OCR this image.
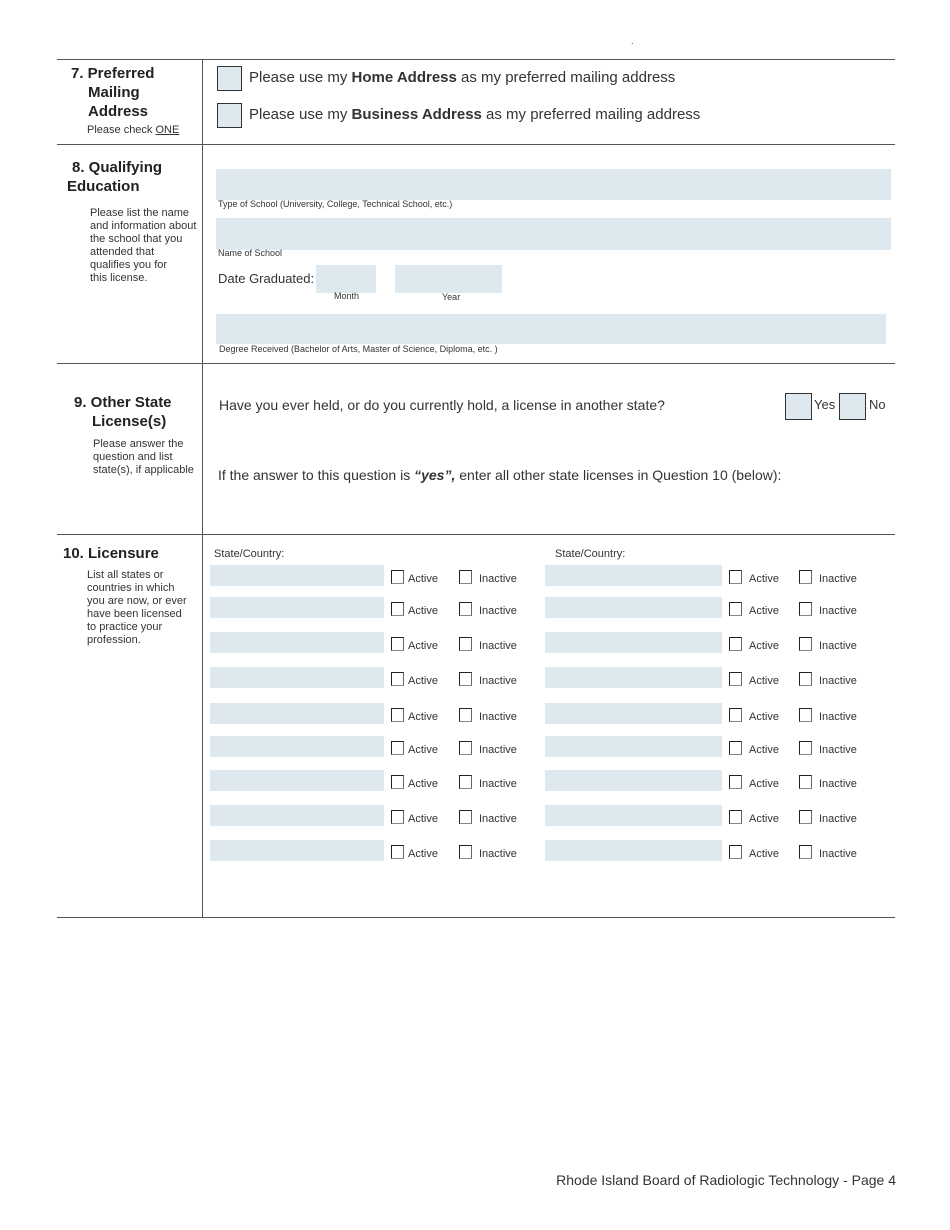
.
7. Preferred
Mailing
Address
Please check ONE
Please use my Home Address as my preferred mailing address
Please use my Business Address as my preferred mailing address
8. Qualifying
Education
Please list the name
and information about
the school that you
attended that
qualifies you for
this license.
Type of School (University, College, Technical School, etc.)
Name of School
Date Graduated:
Month	Year
Degree Received (Bachelor of Arts, Master of Science, Diploma, etc. )
9. Other State
License(s)
Please answer the
question and list
state(s), if applicable
Have you ever held, or do you currently hold, a license in another state?	Yes	No
If the answer to this question is “yes”, enter all other state licenses in Question 10 (below):
10. Licensure
List all states or
countries in which
you are now, or ever
have been licensed
to practice your
profession.
State/Country:	State/Country:
Active	Inactive	Active	Inactive
Active	Inactive	Active	Inactive
Active	Inactive	Active	Inactive
Active	Inactive	Active	Inactive
Active	Inactive	Active	Inactive
Active	Inactive	Active	Inactive
Active	Inactive	Active	Inactive
Active	Inactive	Active	Inactive
Active	Inactive	Active	Inactive
Rhode Island Board of Radiologic Technology - Page 4
